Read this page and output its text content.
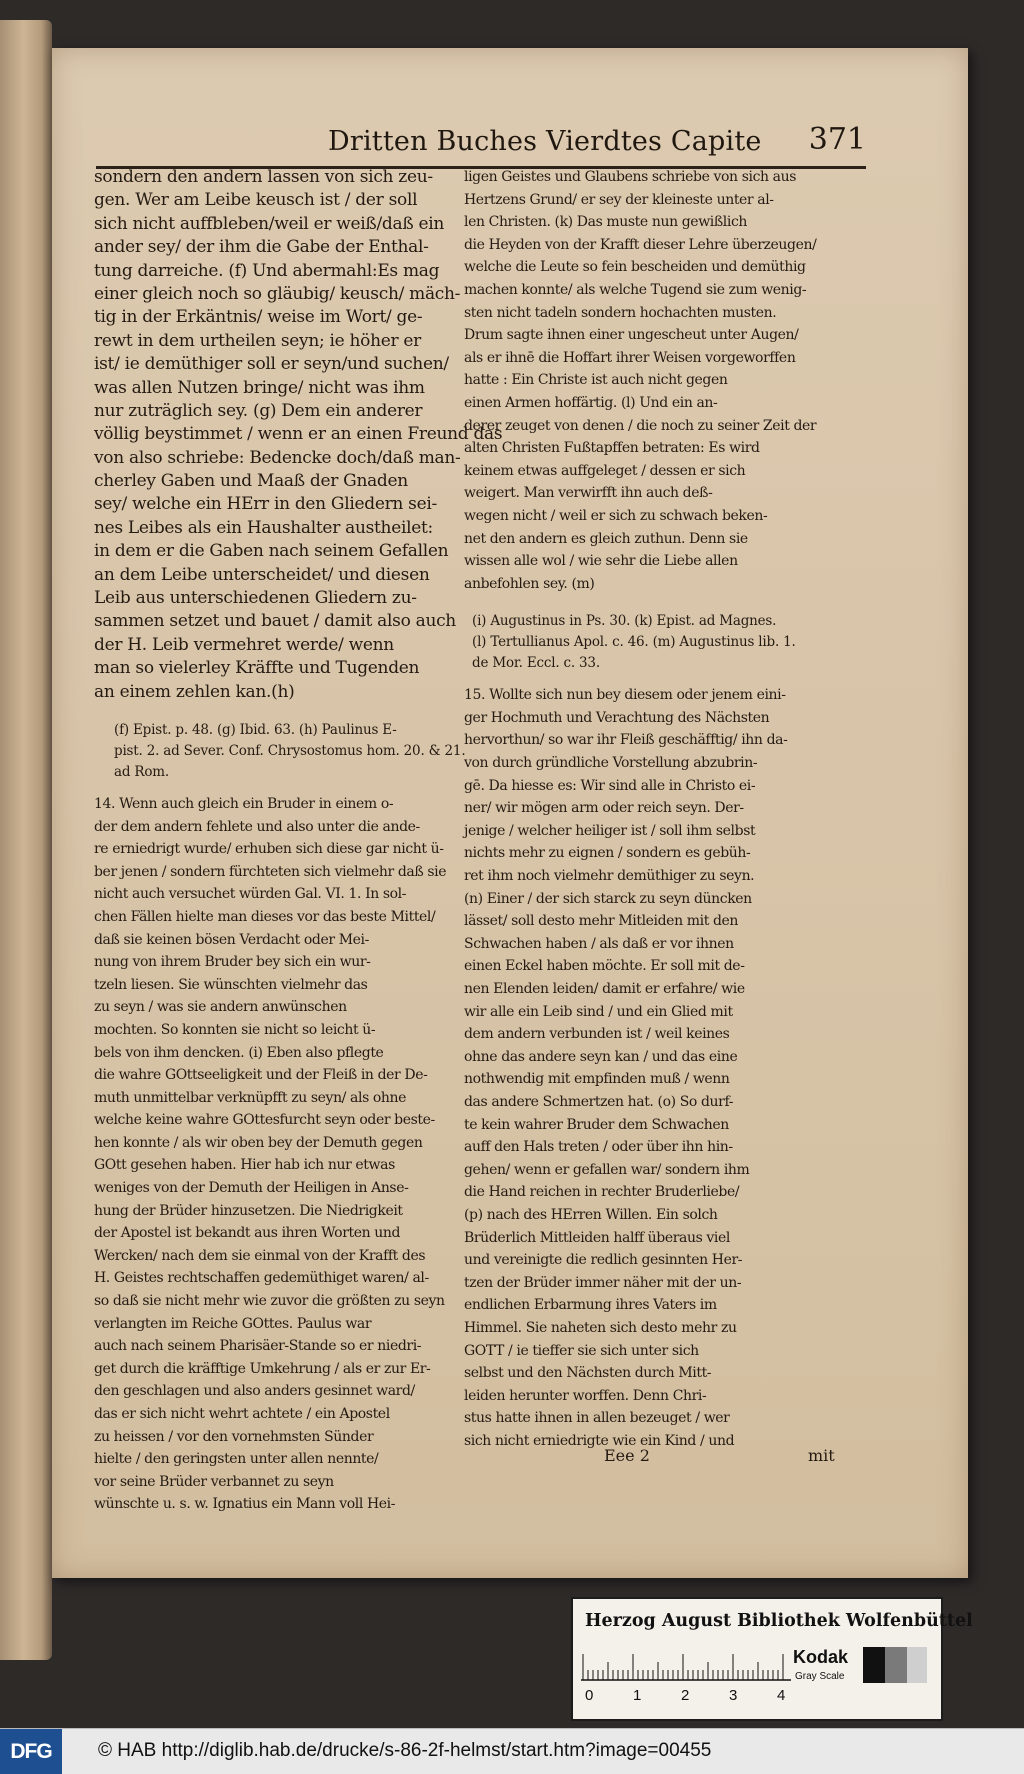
Dritten Buches Vierdtes Capite 371
sondern den andern lassen von sich zeu-
gen. Wer am Leibe keusch ist / der soll
sich nicht auffbleben/weil er weiß/daß ein
ander sey/ der ihm die Gabe der Enthal-
tung darreiche. (f) Und abermahl:Es mag
einer gleich noch so gläubig/ keusch/ mäch-
tig in der Erkäntnis/ weise im Wort/ ge-
rewt in dem urtheilen seyn; ie höher er
ist/ ie demüthiger soll er seyn/und suchen/
was allen Nutzen bringe/ nicht was ihm
nur zuträglich sey. (g) Dem ein anderer
völlig beystimmet / wenn er an einen Freund das
von also schriebe: Bedencke doch/daß man-
cherley Gaben und Maaß der Gnaden
sey/ welche ein HErr in den Gliedern sei-
nes Leibes als ein Haushalter austheilet:
in dem er die Gaben nach seinem Gefallen
an dem Leibe unterscheidet/ und diesen
Leib aus unterschiedenen Gliedern zu-
sammen setzet und bauet / damit also auch
der H. Leib vermehret werde/ wenn
man so vielerley Kräffte und Tugenden
an einem zehlen kan.(h)
(f) Epist. p. 48. (g) Ibid. 63. (h) Paulinus E-
pist. 2. ad Sever. Conf. Chrysostomus hom. 20. & 21.
ad Rom.
14. Wenn auch gleich ein Bruder in einem o-
der dem andern fehlete und also unter die ande-
re erniedrigt wurde/ erhuben sich diese gar nicht ü-
ber jenen / sondern fürchteten sich vielmehr daß sie
nicht auch versuchet würden Gal. VI. 1. In sol-
chen Fällen hielte man dieses vor das beste Mittel/
daß sie keinen bösen Verdacht oder Mei-
nung von ihrem Bruder bey sich ein wur-
tzeln liesen. Sie wünschten vielmehr das
zu seyn / was sie andern anwünschen
mochten. So konnten sie nicht so leicht ü-
bels von ihm dencken. (i) Eben also pflegte
die wahre GOttseeligkeit und der Fleiß in der De-
muth unmittelbar verknüpfft zu seyn/ als ohne
welche keine wahre GOttesfurcht seyn oder beste-
hen konnte / als wir oben bey der Demuth gegen
GOtt gesehen haben. Hier hab ich nur etwas
weniges von der Demuth der Heiligen in Anse-
hung der Brüder hinzusetzen. Die Niedrigkeit
der Apostel ist bekandt aus ihren Worten und
Wercken/ nach dem sie einmal von der Krafft des
H. Geistes rechtschaffen gedemüthiget waren/ al-
so daß sie nicht mehr wie zuvor die größten zu seyn
verlangten im Reiche GOttes. Paulus war
auch nach seinem Pharisäer-Stande so er niedri-
get durch die kräfftige Umkehrung / als er zur Er-
den geschlagen und also anders gesinnet ward/
das er sich nicht wehrt achtete / ein Apostel
zu heissen / vor den vornehmsten Sünder
hielte / den geringsten unter allen nennte/
vor seine Brüder verbannet zu seyn
wünschte u. s. w. Ignatius ein Mann voll Hei-
ligen Geistes und Glaubens schriebe von sich aus
Hertzens Grund/ er sey der kleineste unter al-
len Christen. (k) Das muste nun gewißlich
die Heyden von der Krafft dieser Lehre überzeugen/
welche die Leute so fein bescheiden und demüthig
machen konnte/ als welche Tugend sie zum wenig-
sten nicht tadeln sondern hochachten musten.
Drum sagte ihnen einer ungescheut unter Augen/
als er ihnē die Hoffart ihrer Weisen vorgeworffen
hatte : Ein Christe ist auch nicht gegen
einen Armen hoffärtig. (l) Und ein an-
derer zeuget von denen / die noch zu seiner Zeit der
alten Christen Fußtapffen betraten: Es wird
keinem etwas auffgeleget / dessen er sich
weigert. Man verwirfft ihn auch deß-
wegen nicht / weil er sich zu schwach beken-
net den andern es gleich zuthun. Denn sie
wissen alle wol / wie sehr die Liebe allen
anbefohlen sey. (m)
(i) Augustinus in Ps. 30. (k) Epist. ad Magnes.
(l) Tertullianus Apol. c. 46. (m) Augustinus lib. 1.
de Mor. Eccl. c. 33.
15. Wollte sich nun bey diesem oder jenem eini-
ger Hochmuth und Verachtung des Nächsten
hervorthun/ so war ihr Fleiß geschäfftig/ ihn da-
von durch gründliche Vorstellung abzubrin-
gē. Da hiesse es: Wir sind alle in Christo ei-
ner/ wir mögen arm oder reich seyn. Der-
jenige / welcher heiliger ist / soll ihm selbst
nichts mehr zu eignen / sondern es gebüh-
ret ihm noch vielmehr demüthiger zu seyn.
(n) Einer / der sich starck zu seyn düncken
lässet/ soll desto mehr Mitleiden mit den
Schwachen haben / als daß er vor ihnen
einen Eckel haben möchte. Er soll mit de-
nen Elenden leiden/ damit er erfahre/ wie
wir alle ein Leib sind / und ein Glied mit
dem andern verbunden ist / weil keines
ohne das andere seyn kan / und das eine
nothwendig mit empfinden muß / wenn
das andere Schmertzen hat. (o) So durf-
te kein wahrer Bruder dem Schwachen
auff den Hals treten / oder über ihn hin-
gehen/ wenn er gefallen war/ sondern ihm
die Hand reichen in rechter Bruderliebe/
(p) nach des HErren Willen. Ein solch
Brüderlich Mittleiden halff überaus viel
und vereinigte die redlich gesinnten Her-
tzen der Brüder immer näher mit der un-
endlichen Erbarmung ihres Vaters im
Himmel. Sie naheten sich desto mehr zu
GOTT / ie tieffer sie sich unter sich
selbst und den Nächsten durch Mitt-
leiden herunter worffen. Denn Chri-
stus hatte ihnen in allen bezeuget / wer
sich nicht erniedrigte wie ein Kind / und
Eee 2	mit
Herzog August Bibliothek Wolfenbüttel
0	1	2	3	4
Kodak
Gray Scale
DFG	© HAB http://diglib.hab.de/drucke/s-86-2f-helmst/start.htm?image=00455
